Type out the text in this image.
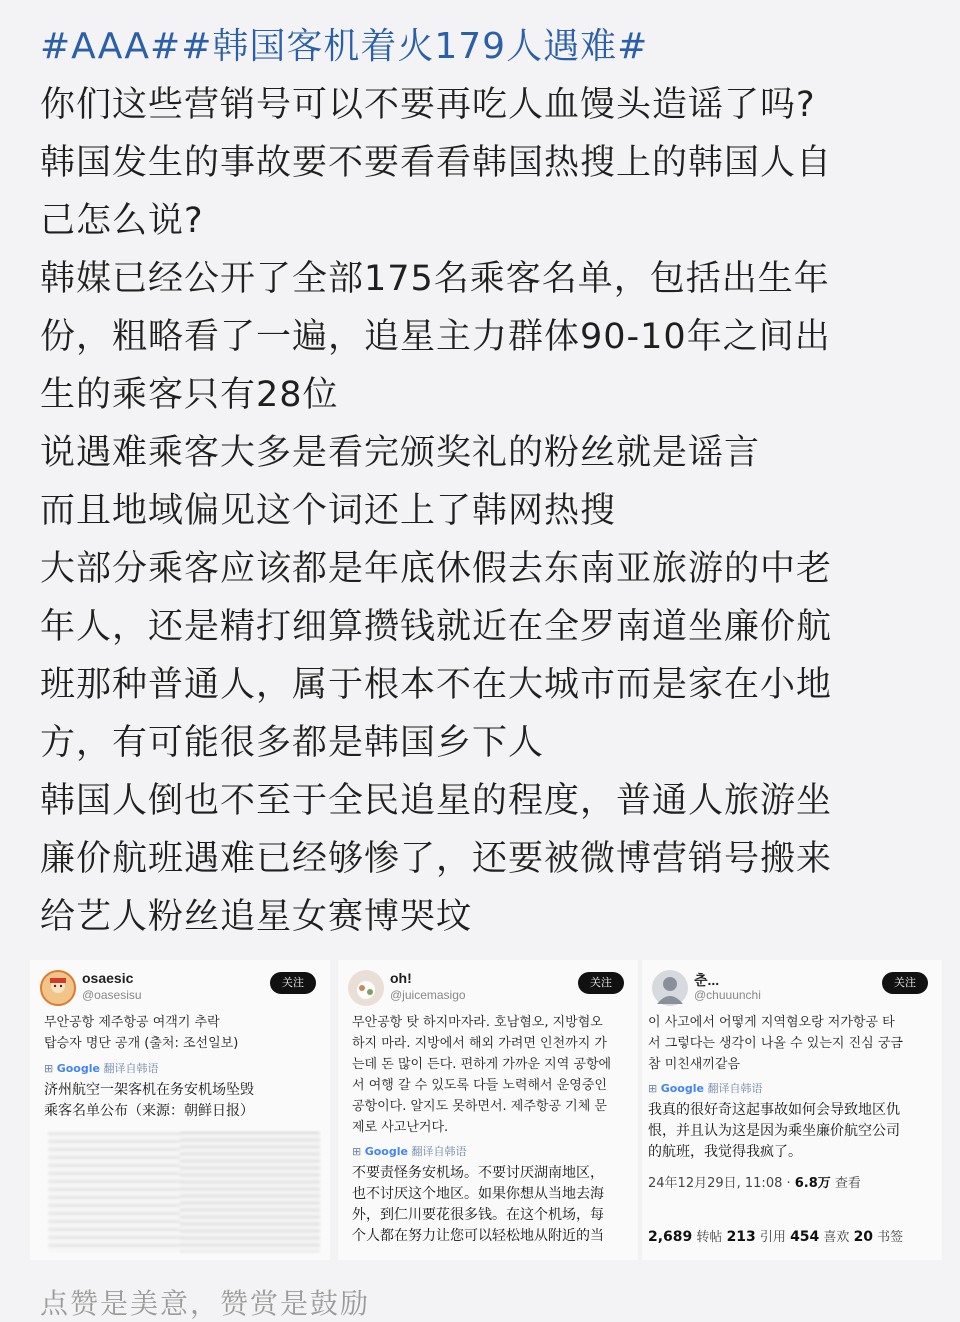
#AAA##韩国客机着火179人遇难#

你们这些营销号可以不要再吃人血馒头造谣了吗?

韩国发生的事故要不要看看韩国热搜上的韩国人自
己怎么说?

韩媒已经公开了全部175名乘客名单，包括出生年
份，粗略看了一遍，追星主力群体90-10年之间出
生的乘客只有28位

说遇难乘客大多是看完颁奖礼的粉丝就是谣言

而且地域偏见这个词还上了韩网热搜

大部分乘客应该都是年底休假去东南亚旅游的中老
年人，还是精打细算攒钱就近在全罗南道坐廉价航
班那种普通人，属于根本不在大城市而是家在小地
方，有可能很多都是韩国乡下人

韩国人倒也不至于全民追星的程度，普通人旅游坐
廉价航班遇难已经够惨了，还要被微博营销号搬来
给艺人粉丝追星女赛博哭坟

osaesic
@oasesisu
关注
무안공항 제주항공 여객기 추락
탑승자 명단 공개 (출처: 조선일보)
⊞ Google 翻译自韩语
济州航空一架客机在务安机场坠毁
乘客名单公布（来源：朝鲜日报）
oh!
@juicemasigo
关注
무안공항 탓 하지마자라. 호남혐오, 지방혐오
하지 마라. 지방에서 해외 가려면 인천까지 가
는데 돈 많이 든다. 편하게 가까운 지역 공항에
서 여행 갈 수 있도록 다들 노력해서 운영중인
공항이다. 알지도 못하면서. 제주항공 기체 문
제로 사고난거다.
⊞ Google 翻译自韩语
不要责怪务安机场。不要讨厌湖南地区，
也不讨厌这个地区。如果你想从当地去海
外，到仁川要花很多钱。在这个机场，每
个人都在努力让您可以轻松地从附近的当
춘...
@chuuunchi
关注
이 사고에서 어떻게 지역혐오랑 저가항공 타
서 그렇다는 생각이 나올 수 있는지 진심 궁금
참 미친새끼같음
⊞ Google 翻译自韩语
我真的很好奇这起事故如何会导致地区仇
恨，并且认为这是因为乘坐廉价航空公司
的航班，我觉得我疯了。
24年12月29日, 11:08 · 6.8万 查看
2,689 转帖 213 引用 454 喜欢 20 书签
点赞是美意，赞赏是鼓励
